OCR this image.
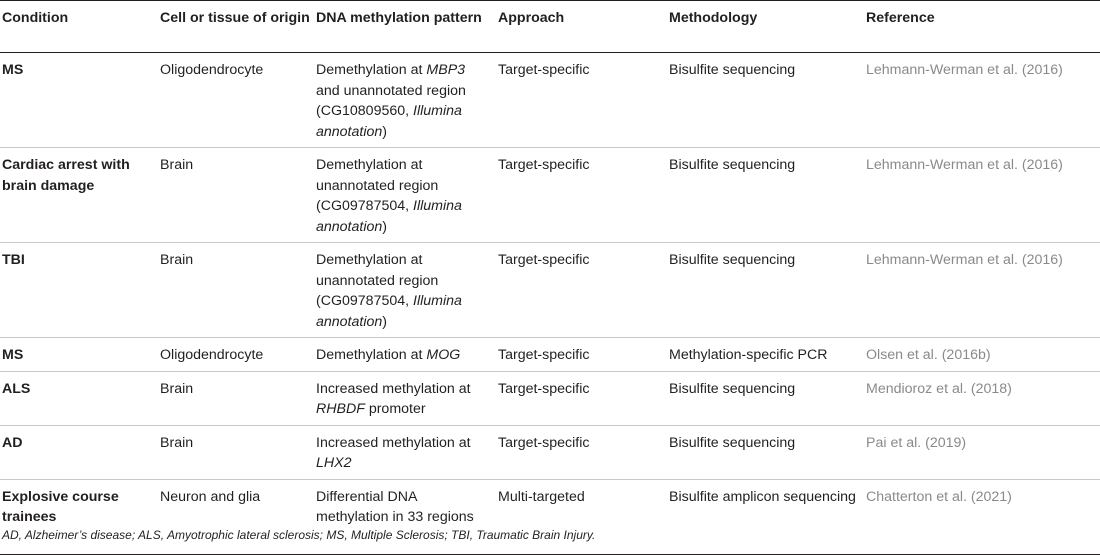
Condition	Cell or tissue of origin	DNA methylation pattern	Approach	Methodology	Reference
MS	Oligodendrocyte	Demethylation at MBP3 and unannotated region (CG10809560, Illumina annotation)	Target-specific	Bisulfite sequencing	Lehmann-Werman et al. (2016)
Cardiac arrest with brain damage	Brain	Demethylation at unannotated region (CG09787504, Illumina annotation)	Target-specific	Bisulfite sequencing	Lehmann-Werman et al. (2016)
TBI	Brain	Demethylation at unannotated region (CG09787504, Illumina annotation)	Target-specific	Bisulfite sequencing	Lehmann-Werman et al. (2016)
MS	Oligodendrocyte	Demethylation at MOG	Target-specific	Methylation-specific PCR	Olsen et al. (2016b)
ALS	Brain	Increased methylation at RHBDF promoter	Target-specific	Bisulfite sequencing	Mendioroz et al. (2018)
AD	Brain	Increased methylation at LHX2	Target-specific	Bisulfite sequencing	Pai et al. (2019)
Explosive course trainees	Neuron and glia	Differential DNA methylation in 33 regions	Multi-targeted	Bisulfite amplicon sequencing	Chatterton et al. (2021)
AD, Alzheimer’s disease; ALS, Amyotrophic lateral sclerosis; MS, Multiple Sclerosis; TBI, Traumatic Brain Injury.
